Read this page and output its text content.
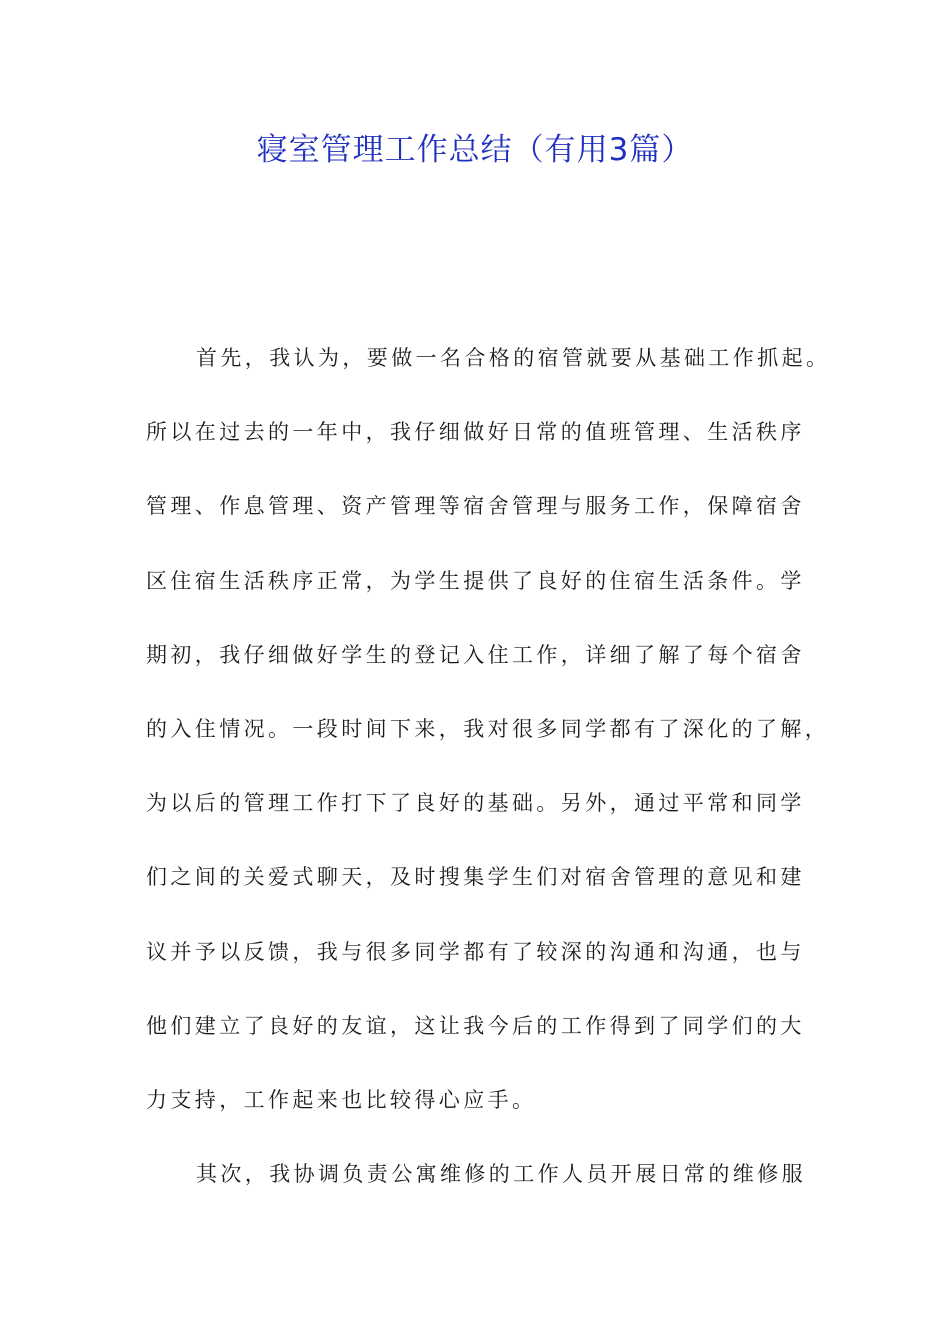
寝室管理工作总结（有用3篇）
首先，我认为，要做一名合格的宿管就要从基础工作抓起。
所以在过去的一年中，我仔细做好日常的值班管理、生活秩序
管理、作息管理、资产管理等宿舍管理与服务工作，保障宿舍
区住宿生活秩序正常，为学生提供了良好的住宿生活条件。学
期初，我仔细做好学生的登记入住工作，详细了解了每个宿舍
的入住情况。一段时间下来，我对很多同学都有了深化的了解，
为以后的管理工作打下了良好的基础。另外，通过平常和同学
们之间的关爱式聊天，及时搜集学生们对宿舍管理的意见和建
议并予以反馈，我与很多同学都有了较深的沟通和沟通，也与
他们建立了良好的友谊，这让我今后的工作得到了同学们的大
力支持，工作起来也比较得心应手。
其次，我协调负责公寓维修的工作人员开展日常的维修服
